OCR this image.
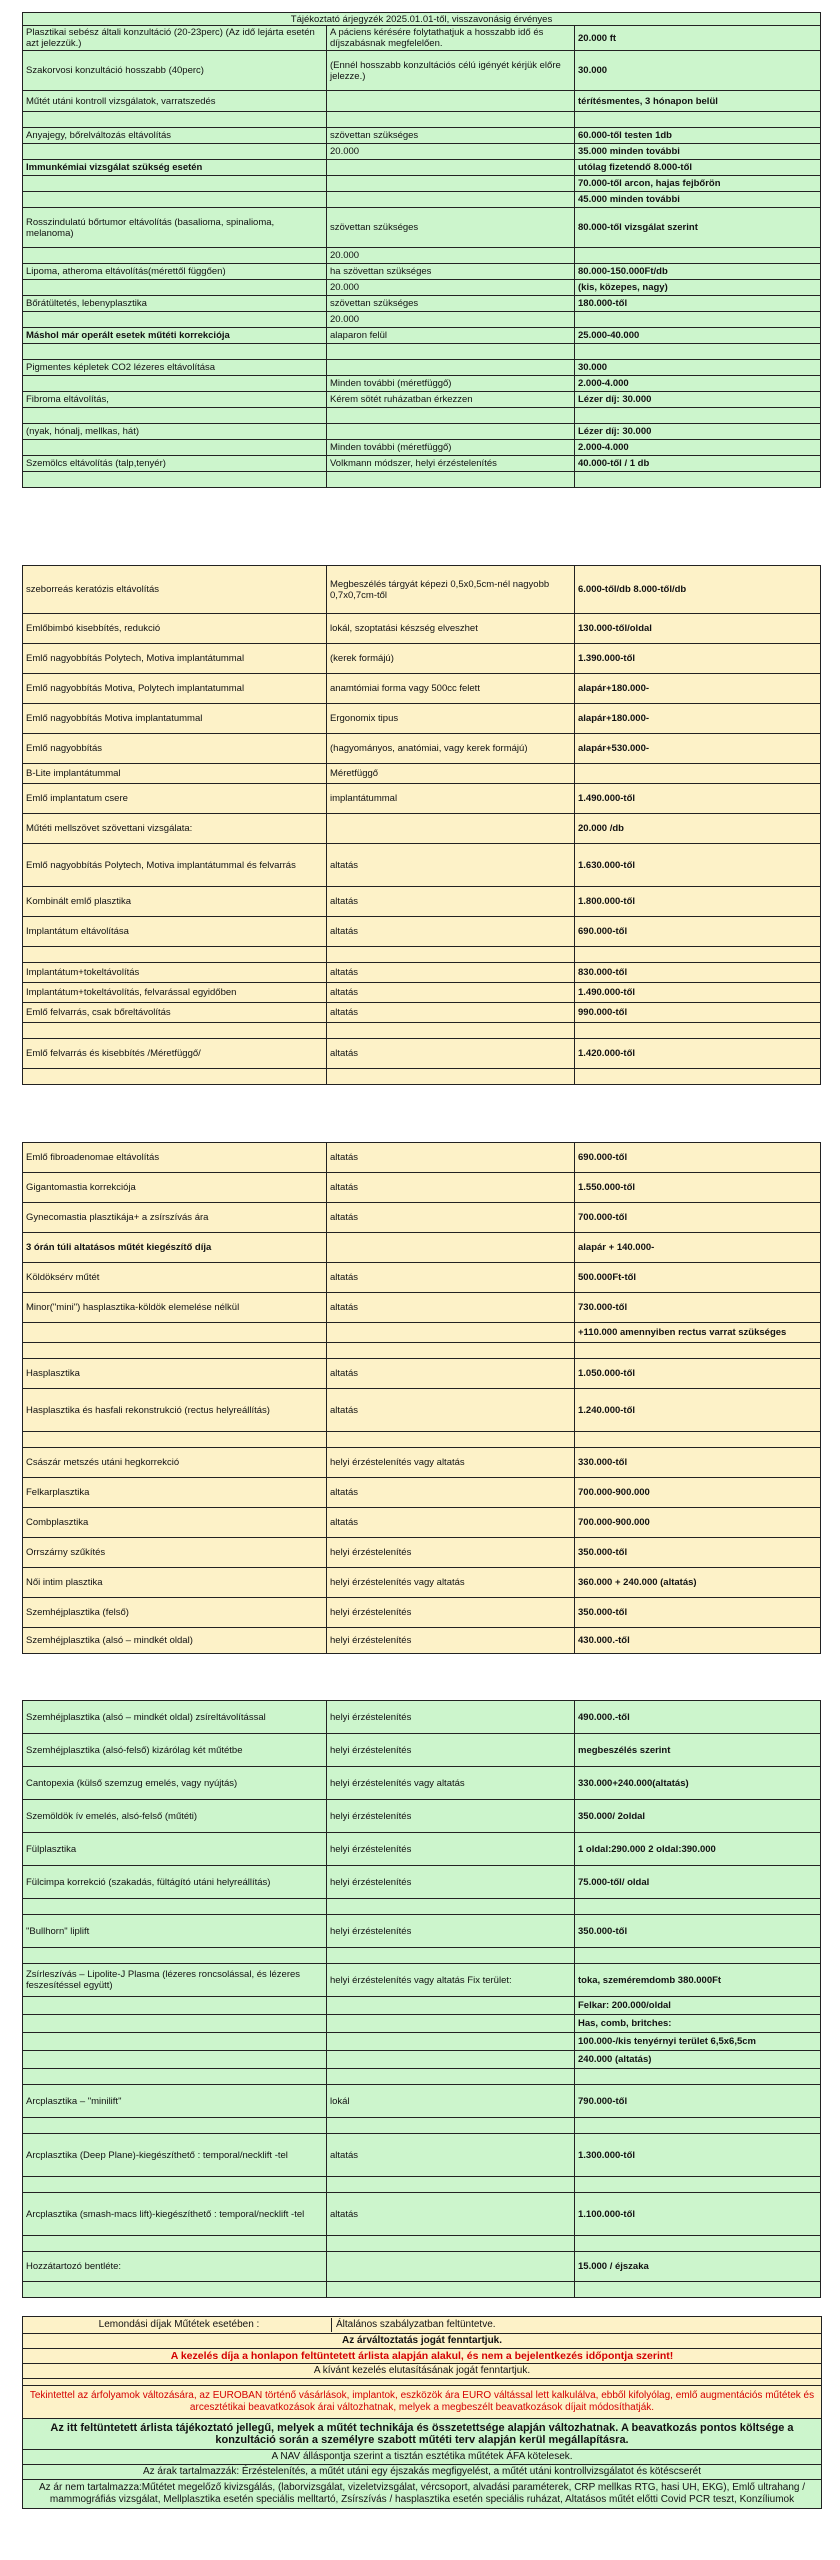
Tájékoztató árjegyzék 2025.01.01-től, visszavonásig érvényes
Plasztikai sebész általi konzultáció (20-23perc) (Az idő lejárta esetén azt jelezzük.)	A páciens kérésére folytathatjuk a hosszabb idő és díjszabásnak megfelelően.	20.000 ft
Szakorvosi konzultáció hosszabb (40perc)	(Ennél hosszabb konzultációs célú igényét kérjük előre jelezze.)	30.000
Műtét utáni kontroll vizsgálatok, varratszedés		térítésmentes, 3 hónapon belül

Anyajegy, bőrelváltozás eltávolítás	szövettan szükséges	60.000-től testen 1db
	20.000	35.000 minden további
Immunkémiai vizsgálat szükség esetén		utólag fizetendő 8.000-től
		70.000-től arcon, hajas fejbőrön
		45.000 minden további
Rosszindulatú bőrtumor eltávolítás (basalioma, spinalioma, melanoma)	szövettan szükséges	80.000-től vizsgálat szerint
	20.000	
Lipoma, atheroma eltávolítás(mérettől függően)	ha szövettan szükséges	80.000-150.000Ft/db
	20.000	(kis, közepes, nagy)
Bőrátültetés, lebenyplasztika	szövettan szükséges	180.000-től
	20.000	
Máshol már operált esetek műtéti korrekciója	alaparon felül	25.000-40.000

Pigmentes képletek CO2 lézeres eltávolítása		30.000
	Minden további (méretfüggő)	2.000-4.000
Fibroma eltávolítás,	Kérem sötét ruházatban érkezzen	Lézer díj: 30.000

(nyak, hónalj, mellkas, hát)		Lézer díj: 30.000
	Minden további (méretfüggő)	2.000-4.000
Szemölcs eltávolítás (talp,tenyér)	Volkmann módszer, helyi érzéstelenítés	40.000-től / 1 db

szeborreás keratózis eltávolítás	Megbeszélés tárgyát képezi 0,5x0,5cm-nél nagyobb 0,7x0,7cm-től	6.000-től/db 8.000-től/db
Emlőbimbó kisebbítés, redukció	lokál, szoptatási készség elveszhet	130.000-től/oldal
Emlő nagyobbítás Polytech, Motiva implantátummal	(kerek formájú)	1.390.000-től
Emlő nagyobbítás Motiva, Polytech implantatummal	anamtómiai forma vagy 500cc felett	alapár+180.000-
Emlő nagyobbítás Motiva implantatummal	Ergonomix tipus	alapár+180.000-
Emlő nagyobbítás	(hagyományos, anatómiai, vagy kerek formájú)	alapár+530.000-
B-Lite implantátummal	Méretfüggő	
Emlő implantatum csere	implantátummal	1.490.000-től
Műtéti mellszövet szövettani vizsgálata:		20.000 /db
Emlő nagyobbítás Polytech, Motiva implantátummal és felvarrás	altatás	1.630.000-től
Kombinált emlő plasztika	altatás	1.800.000-től
Implantátum eltávolítása	altatás	690.000-től

Implantátum+tokeltávolítás	altatás	830.000-től
Implantátum+tokeltávolítás, felvarással egyidőben	altatás	1.490.000-től
Emlő felvarrás, csak bőreltávolítás	altatás	990.000-től

Emlő felvarrás és kisebbítés /Méretfüggő/	altatás	1.420.000-től

Emlő fibroadenomae eltávolítás	altatás	690.000-től
Gigantomastia korrekciója	altatás	1.550.000-től
Gynecomastia plasztikája+ a zsírszívás ára	altatás	700.000-től
3 órán túli altatásos műtét kiegészítő díja		alapár + 140.000-
Köldöksérv műtét	altatás	500.000Ft-től
Minor("mini") hasplasztika-köldök elemelése nélkül	altatás	730.000-től
		+110.000 amennyiben rectus varrat szükséges

Hasplasztika	altatás	1.050.000-től
Hasplasztika és hasfali rekonstrukció (rectus helyreállítás)	altatás	1.240.000-től

Császár metszés utáni hegkorrekció	helyi érzéstelenítés vagy altatás	330.000-től
Felkarplasztika	altatás	700.000-900.000
Combplasztika	altatás	700.000-900.000
Orrszárny szűkítés	helyi érzéstelenítés	350.000-től
Női intim plasztika	helyi érzéstelenítés vagy altatás	360.000 + 240.000 (altatás)
Szemhéjplasztika (felső)	helyi érzéstelenítés	350.000-től
Szemhéjplasztika (alsó – mindkét oldal)	helyi érzéstelenítés	430.000.-től
Szemhéjplasztika (alsó – mindkét oldal) zsíreltávolítással	helyi érzéstelenítés	490.000.-től
Szemhéjplasztika (alsó-felső) kizárólag két műtétbe	helyi érzéstelenítés	megbeszélés szerint
Cantopexia (külső szemzug emelés, vagy nyújtás)	helyi érzéstelenítés vagy altatás	330.000+240.000(altatás)
Szemöldök ív emelés, alsó-felső (műtéti)	helyi érzéstelenítés	350.000/ 2oldal
Fülplasztika	helyi érzéstelenítés	1 oldal:290.000 2 oldal:390.000
Fülcimpa korrekció (szakadás, fültágító utáni helyreállítás)	helyi érzéstelenítés	75.000-től/ oldal

"Bullhorn" liplift	helyi érzéstelenítés	350.000-től

Zsírleszívás – Lipolite-J Plasma (lézeres roncsolással, és lézeres feszesítéssel együtt)	helyi érzéstelenítés vagy altatás Fix terület:	toka, szeméremdomb 380.000Ft
		Felkar: 200.000/oldal
		Has, comb, britches:
		100.000-/kis tenyérnyi terület 6,5x6,5cm
		240.000 (altatás)

Arcplasztika – "minilift"	lokál	790.000-től

Arcplasztika (Deep Plane)-kiegészíthető : temporal/necklift -tel	altatás	1.300.000-től

Arcplasztika (smash-macs lift)-kiegészíthető : temporal/necklift -tel	altatás	1.100.000-től

Hozzátartozó bentléte:		15.000 / éjszaka

Lemondási díjak Műtétek esetében :	Általános szabályzatban feltüntetve.
Az árváltoztatás jogát fenntartjuk.
A kezelés díja a honlapon feltüntetett árlista alapján alakul, és nem a bejelentkezés időpontja szerint!
A kívánt kezelés elutasításának jogát fenntartjuk.
Tekintettel az árfolyamok változására, az EUROBAN történő vásárlások, implantok, eszközök ára EURO váltással lett kalkulálva, ebből kifolyólag, emlő augmentációs műtétek és arcesztétikai beavatkozások árai változhatnak, melyek a megbeszélt beavatkozások díjait módosíthatják.
Az itt feltüntetett árlista tájékoztató jellegű, melyek a műtét technikája és összetettsége alapján változhatnak. A beavatkozás pontos költsége a konzultáció során a személyre szabott műtéti terv alapján kerül megállapításra.
A NAV álláspontja szerint a tisztán esztétika műtétek ÁFA kötelesek.
Az árak tartalmazzák: Érzéstelenítés, a műtét utáni egy éjszakás megfigyelést, a műtét utáni kontrollvizsgálatot és kötéscserét
Az ár nem tartalmazza:Műtétet megelőző kivizsgálás, (laborvizsgálat, vizeletvizsgálat, vércsoport, alvadási paraméterek, CRP mellkas RTG, hasi UH, EKG), Emlő ultrahang / mammográfiás vizsgálat, Mellplasztika esetén speciális melltartó, Zsírszívás / hasplasztika esetén speciális ruházat, Altatásos műtét előtti Covid PCR teszt, Konzíliumok
